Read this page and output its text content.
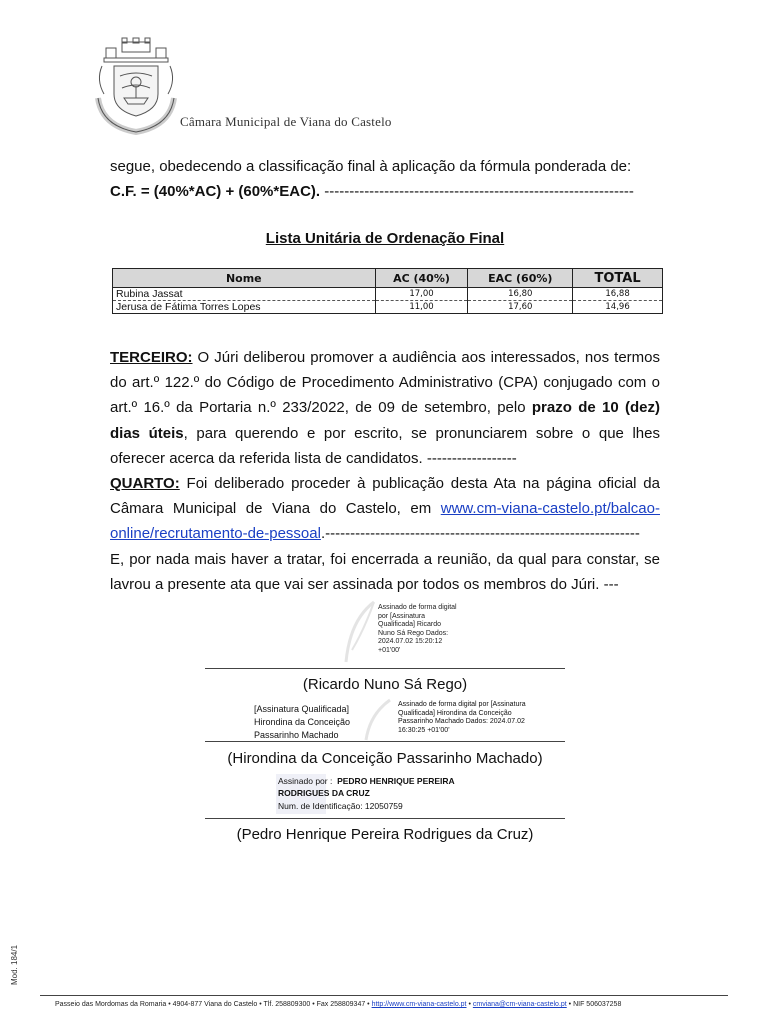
Câmara Municipal de Viana do Castelo
segue, obedecendo a classificação final à aplicação da fórmula ponderada de:
C.F. = (40%*AC) + (60%*EAC). --------------------------------------------------------------
Lista Unitária de Ordenação Final
Nome	AC (40%)	EAC (60%)	TOTAL
Rubina Jassat	17,00	16,80	16,88
Jerusa de Fátima Torres Lopes	11,00	17,60	14,96
TERCEIRO: O Júri deliberou promover a audiência aos interessados, nos termos do art.º 122.º do Código de Procedimento Administrativo (CPA) conjugado com o art.º 16.º da Portaria n.º 233/2022, de 09 de setembro, pelo prazo de 10 (dez) dias úteis, para querendo e por escrito, se pronunciarem sobre o que lhes oferecer acerca da referida lista de candidatos. ------------------
QUARTO: Foi deliberado proceder à publicação desta Ata na página oficial da Câmara Municipal de Viana do Castelo, em www.cm-viana-castelo.pt/balcao-online/recrutamento-de-pessoal.---------------------------------------------------------------
E, por nada mais haver a tratar, foi encerrada a reunião, da qual para constar, se lavrou a presente ata que vai ser assinada por todos os membros do Júri. ---
Assinado de forma digital por [Assinatura Qualificada] Ricardo Nuno Sá Rego Dados: 2024.07.02 15:20:12 +01'00'
(Ricardo Nuno Sá Rego)
[Assinatura Qualificada]
Hirondina da Conceição
Passarinho Machado
Assinado de forma digital por [Assinatura Qualificada] Hirondina da Conceição Passarinho Machado Dados: 2024.07.02 16:30:25 +01'00'
(Hirondina da Conceição Passarinho Machado)
Assinado por : PEDRO HENRIQUE PEREIRA
RODRIGUES DA CRUZ
Num. de Identificação: 12050759
(Pedro Henrique Pereira Rodrigues da Cruz)
Mod. 184/1
Passeio das Mordomas da Romaria • 4904-877 Viana do Castelo • Tlf. 258809300 • Fax 258809347 • http://www.cm-viana-castelo.pt • cmviana@cm-viana-castelo.pt • NIF 506037258
